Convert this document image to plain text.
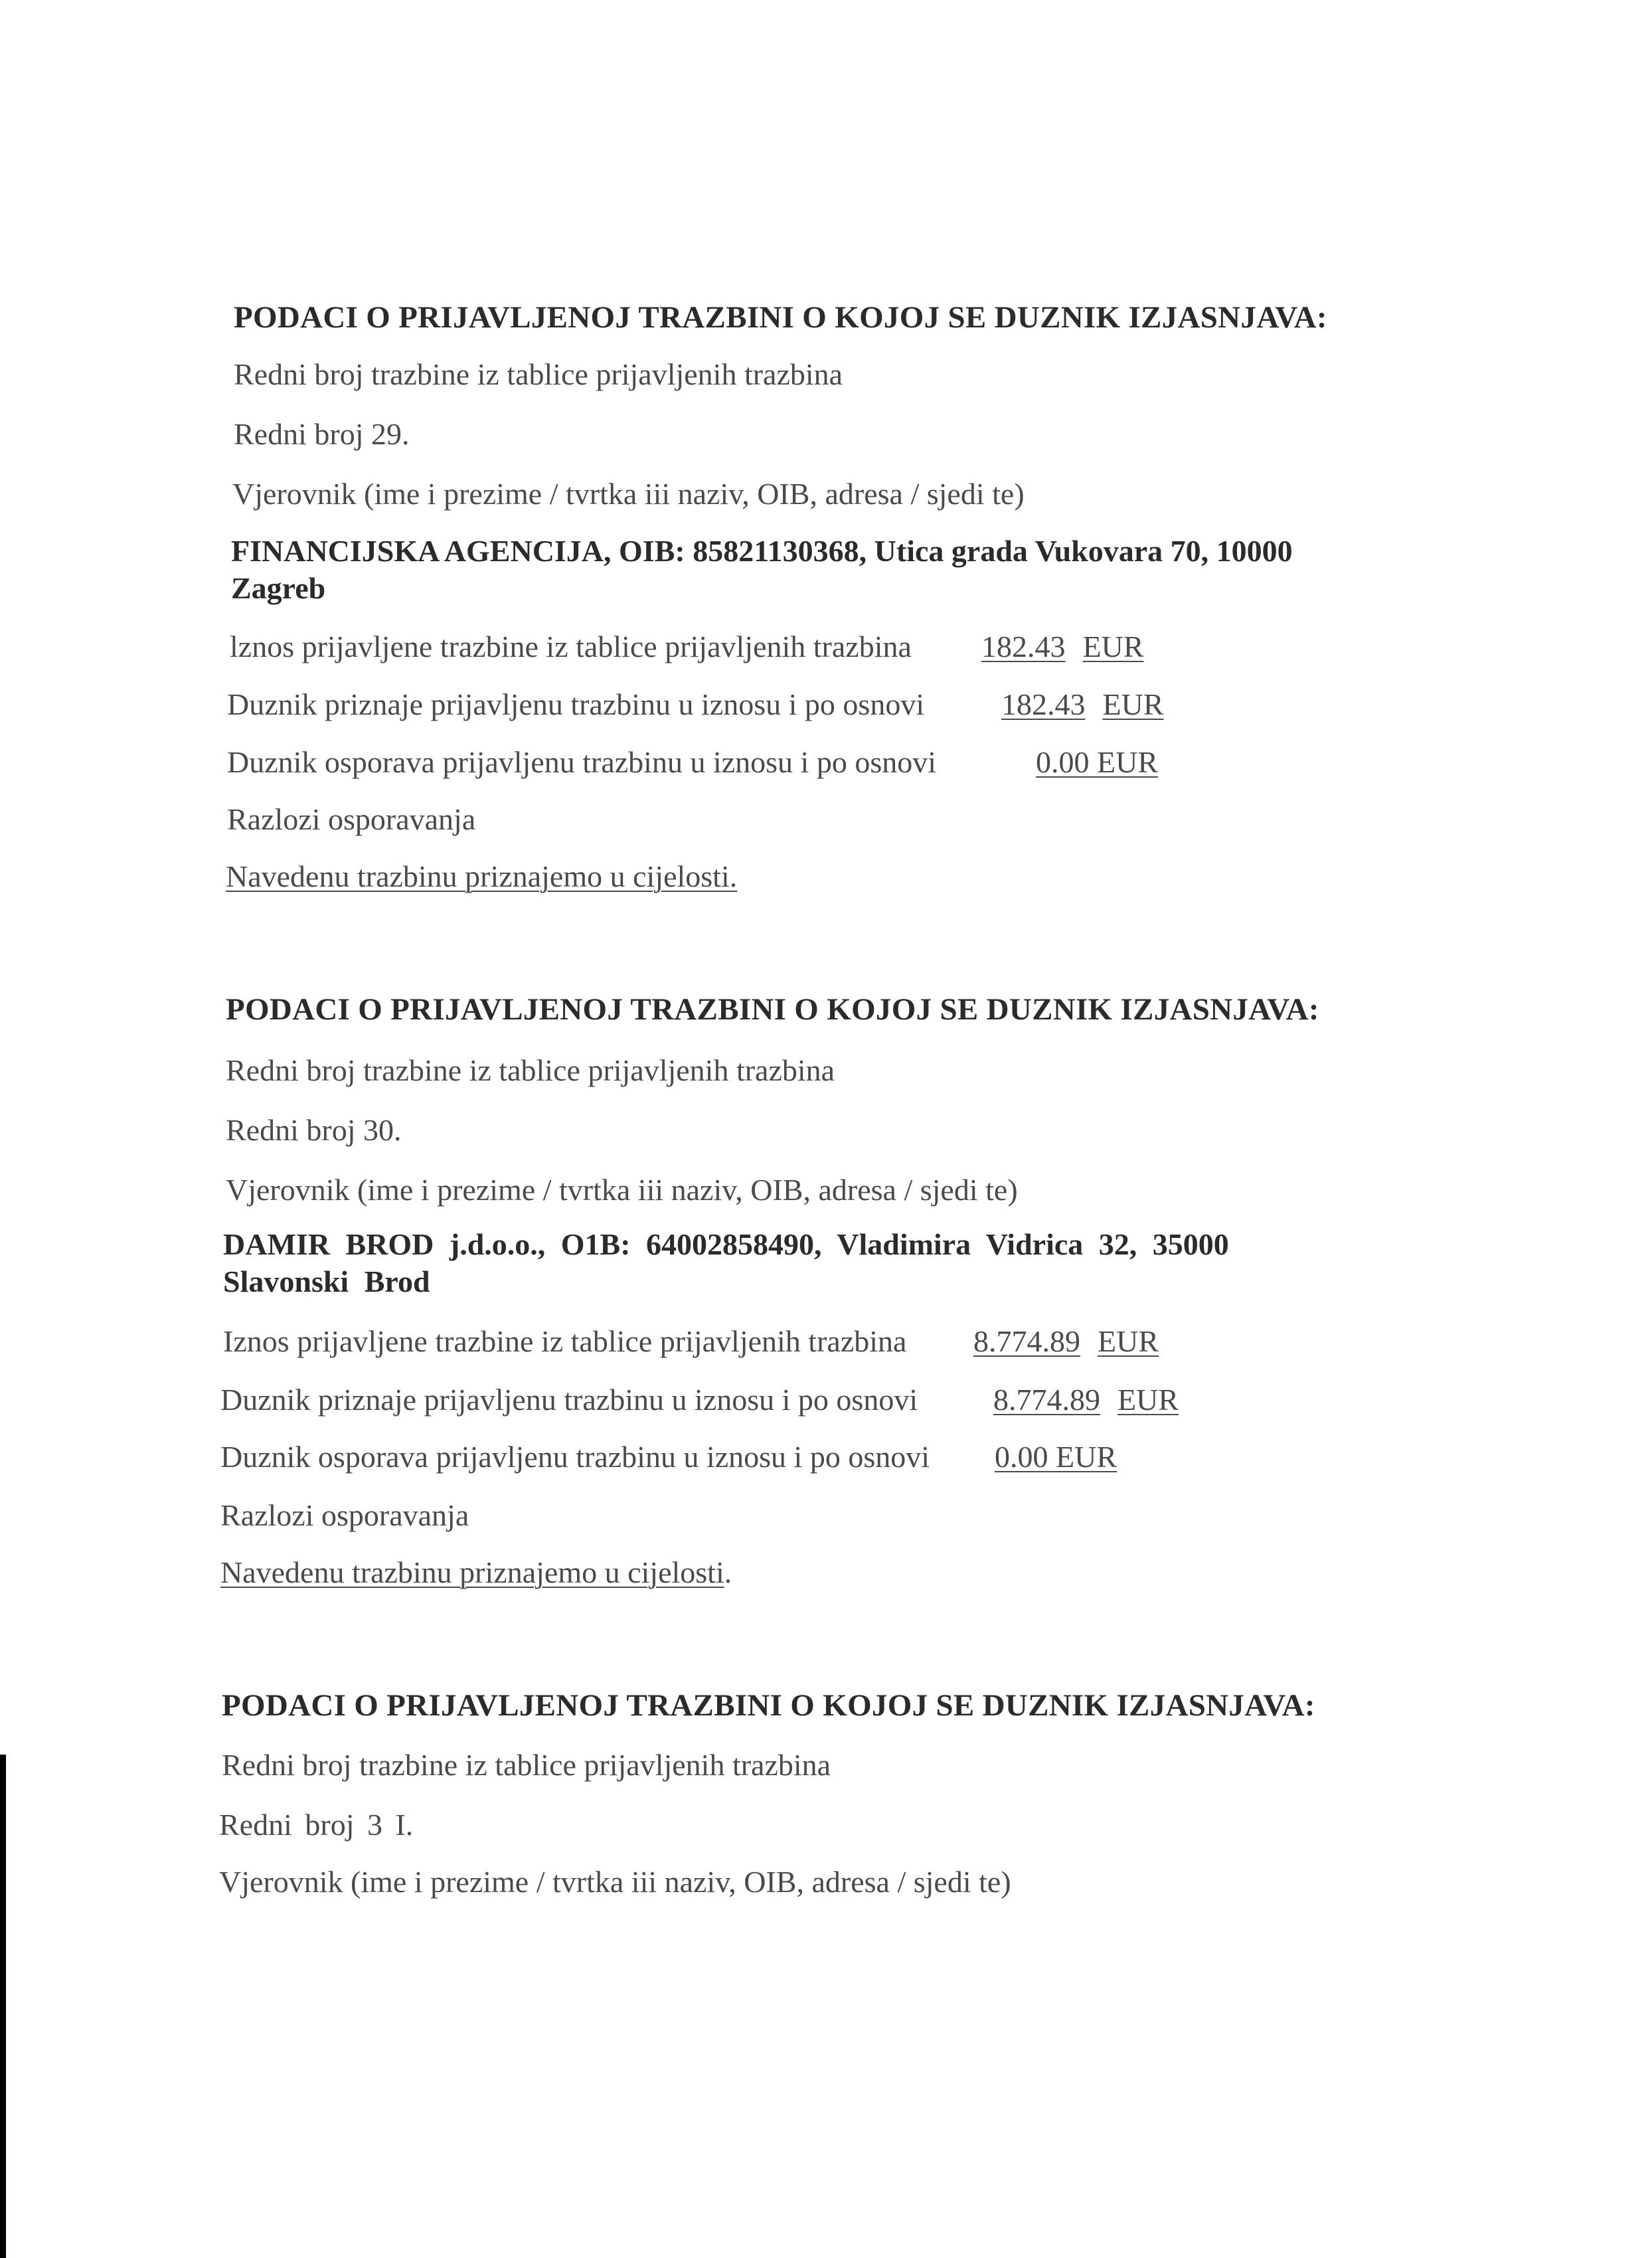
PODACI O PRIJAVLJENOJ TRAZBINI O KOJOJ SE DUZNIK IZJASNJAVA:
Redni broj trazbine iz tablice prijavljenih trazbina
Redni broj 29.
Vjerovnik (ime i prezime / tvrtka iii naziv, OIB, adresa / sjedi te)
FINANCIJSKA AGENCIJA, OIB: 85821130368, Utica grada Vukovara 70, 10000 Zagreb
lznos prijavljene trazbine iz tablice prijavljenih trazbina 182.43 EUR
Duznik priznaje prijavljenu trazbinu u iznosu i po osnovi	182.43 EUR
Duznik osporava prijavljenu trazbinu u iznosu i po osnovi	0.00 EUR
Razlozi osporavanja
Navedenu trazbinu priznajemo u cijelosti.
PODACI O PRIJAVLJENOJ TRAZBINI O KOJOJ SE DUZNIK IZJASNJAVA:
Redni broj trazbine iz tablice prijavljenih trazbina
Redni broj 30.
Vjerovnik (ime i prezime / tvrtka iii naziv, OIB, adresa / sjedi te)
DAMIR BROD j.d.o.o., O1B: 64002858490, Vladimira Vidrica 32, 35000 Slavonski Brod
Iznos prijavljene trazbine iz tablice prijavljenih trazbina 8.774.89 EUR
Duznik priznaje prijavljenu trazbinu u iznosu i po osnovi 8.774.89 EUR
Duznik osporava prijavljenu trazbinu u iznosu i po osnovi 0.00 EUR
Razlozi osporavanja
Navedenu trazbinu priznajemo u cijelosti.
PODACI O PRIJAVLJENOJ TRAZBINI O KOJOJ SE DUZNIK IZJASNJAVA:
Redni broj trazbine iz tablice prijavljenih trazbina
Redni broj 3 I.
Vjerovnik (ime i prezime / tvrtka iii naziv, OIB, adresa / sjedi te)
